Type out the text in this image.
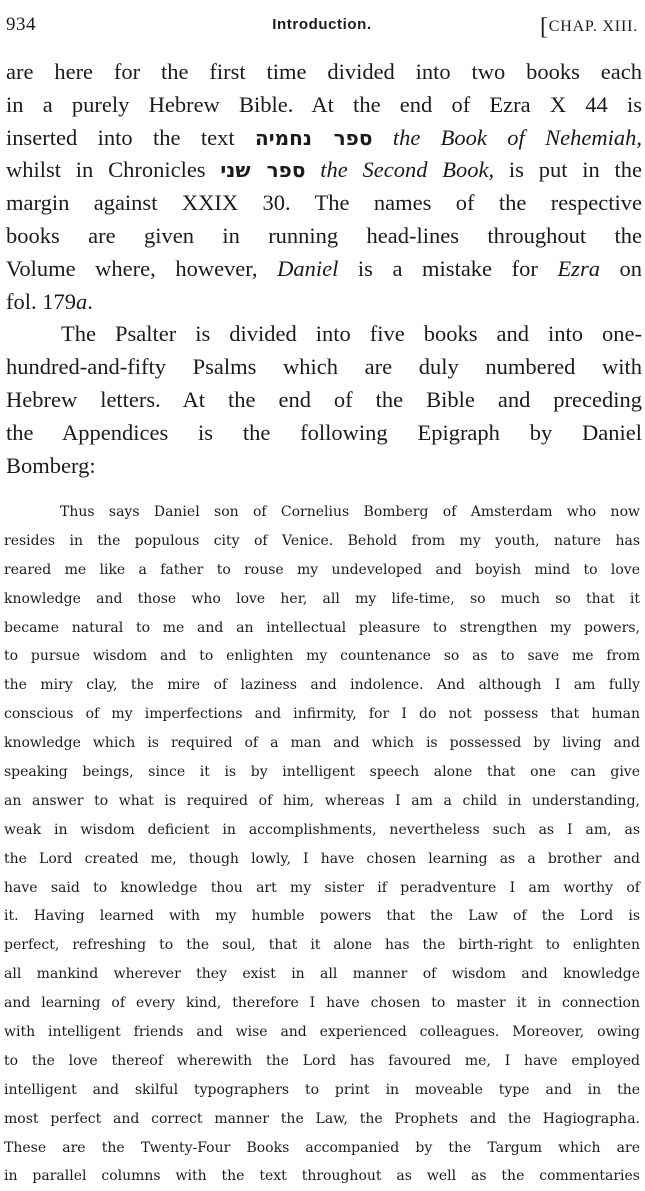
934	Introduction.	[CHAP. XIII.
are here for the first time divided into two books each
in a purely Hebrew Bible. At the end of Ezra X 44 is
inserted into the text ספר נחמיה the Book of Nehemiah,
whilst in Chronicles ספר שני the Second Book, is put in the
margin against XXIX 30. The names of the respective
books are given in running head-lines throughout the
Volume where, however, Daniel is a mistake for Ezra on
fol. 179a.
The Psalter is divided into five books and into one-
hundred-and-fifty Psalms which are duly numbered with
Hebrew letters. At the end of the Bible and preceding
the Appendices is the following Epigraph by Daniel
Bomberg:
Thus says Daniel son of Cornelius Bomberg of Amsterdam who now
resides in the populous city of Venice. Behold from my youth, nature has
reared me like a father to rouse my undeveloped and boyish mind to love
knowledge and those who love her, all my life-time, so much so that it
became natural to me and an intellectual pleasure to strengthen my powers,
to pursue wisdom and to enlighten my countenance so as to save me from
the miry clay, the mire of laziness and indolence. And although I am fully
conscious of my imperfections and infirmity, for I do not possess that human
knowledge which is required of a man and which is possessed by living and
speaking beings, since it is by intelligent speech alone that one can give
an answer to what is required of him, whereas I am a child in understanding,
weak in wisdom deficient in accomplishments, nevertheless such as I am, as
the Lord created me, though lowly, I have chosen learning as a brother and
have said to knowledge thou art my sister if peradventure I am worthy of
it. Having learned with my humble powers that the Law of the Lord is
perfect, refreshing to the soul, that it alone has the birth-right to enlighten
all mankind wherever they exist in all manner of wisdom and knowledge
and learning of every kind, therefore I have chosen to master it in connection
with intelligent friends and wise and experienced colleagues. Moreover, owing
to the love thereof wherewith the Lord has favoured me, I have employed
intelligent and skilful typographers to print in moveable type and in the
most perfect and correct manner the Law, the Prophets and the Hagiographa.
These are the Twenty-Four Books accompanied by the Targum which are
in parallel columns with the text throughout as well as the commentaries
